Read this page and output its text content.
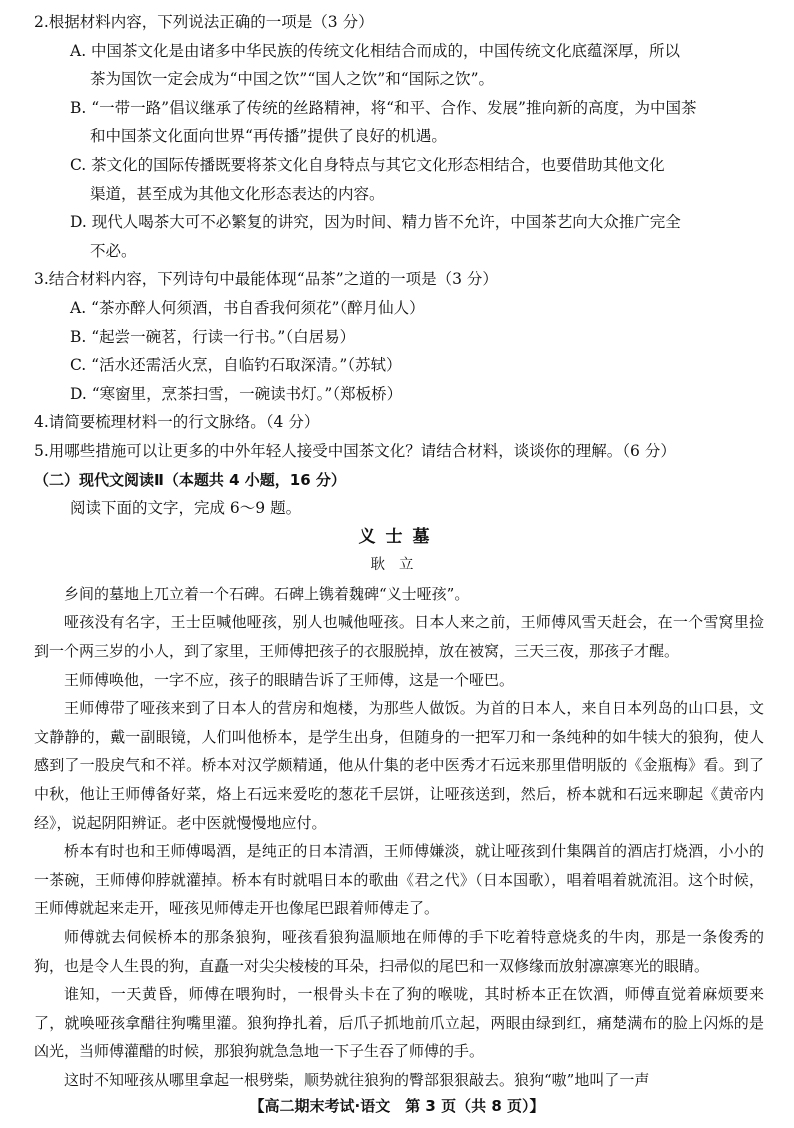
2.根据材料内容，下列说法正确的一项是（3 分）
A. 中国茶文化是由诸多中华民族的传统文化相结合而成的，中国传统文化底蕴深厚，所以
茶为国饮一定会成为“中国之饮”“国人之饮”和“国际之饮”。
B. “一带一路”倡议继承了传统的丝路精神，将“和平、合作、发展”推向新的高度，为中国茶
和中国茶文化面向世界“再传播”提供了良好的机遇。
C. 茶文化的国际传播既要将茶文化自身特点与其它文化形态相结合，也要借助其他文化
渠道，甚至成为其他文化形态表达的内容。
D. 现代人喝茶大可不必繁复的讲究，因为时间、精力皆不允许，中国茶艺向大众推广完全
不必。
3.结合材料内容，下列诗句中最能体现“品茶”之道的一项是（3 分）
A. “茶亦醉人何须酒，书自香我何须花”（醉月仙人）
B. “起尝一碗茗，行读一行书。”（白居易）
C. “活水还需活火烹，自临钓石取深清。”（苏轼）
D. “寒窗里，烹茶扫雪，一碗读书灯。”（郑板桥）
4.请简要梳理材料一的行文脉络。（4 分）
5.用哪些措施可以让更多的中外年轻人接受中国茶文化？请结合材料，谈谈你的理解。（6 分）
（二）现代文阅读Ⅱ（本题共 4 小题，16 分）
阅读下面的文字，完成 6～9 题。
义士墓
耿立

乡间的墓地上兀立着一个石碑。石碑上镌着魏碑“义士哑孩”。

哑孩没有名字，王士臣喊他哑孩，别人也喊他哑孩。日本人来之前，王师傅风雪天赶会，在一个雪窝里捡到一个两三岁的小人，到了家里，王师傅把孩子的衣服脱掉，放在被窝，三天三夜，那孩子才醒。

王师傅唤他，一字不应，孩子的眼睛告诉了王师傅，这是一个哑巴。

王师傅带了哑孩来到了日本人的营房和炮楼，为那些人做饭。为首的日本人，来自日本列岛的山口县，文文静静的，戴一副眼镜，人们叫他桥本，是学生出身，但随身的一把军刀和一条纯种的如牛犊大的狼狗，使人感到了一股戾气和不祥。桥本对汉学颇精通，他从什集的老中医秀才石远来那里借明版的《金瓶梅》看。到了中秋，他让王师傅备好菜，烙上石远来爱吃的葱花千层饼，让哑孩送到，然后，桥本就和石远来聊起《黄帝内经》，说起阴阳辨证。老中医就慢慢地应付。

桥本有时也和王师傅喝酒，是纯正的日本清酒，王师傅嫌淡，就让哑孩到什集隅首的酒店打烧酒，小小的一茶碗，王师傅仰脖就灌掉。桥本有时就唱日本的歌曲《君之代》（日本国歌），唱着唱着就流泪。这个时候，王师傅就起来走开，哑孩见师傅走开也像尾巴跟着师傅走了。

师傅就去伺候桥本的那条狼狗，哑孩看狼狗温顺地在师傅的手下吃着特意烧炙的牛肉，那是一条俊秀的狗，也是令人生畏的狗，直矗一对尖尖棱棱的耳朵，扫帚似的尾巴和一双修缘而放射凛凛寒光的眼睛。

谁知，一天黄昏，师傅在喂狗时，一根骨头卡在了狗的喉咙，其时桥本正在饮酒，师傅直觉着麻烦要来了，就唤哑孩拿醋往狗嘴里灌。狼狗挣扎着，后爪子抓地前爪立起，两眼由绿到红，痛楚满布的脸上闪烁的是凶光，当师傅灌醋的时候，那狼狗就急急地一下子生吞了师傅的手。

这时不知哑孩从哪里拿起一根劈柴，顺势就往狼狗的臀部狠狠敲去。狼狗“嗷”地叫了一声

【高二期末考试·语文　第 3 页（共 8 页）】
